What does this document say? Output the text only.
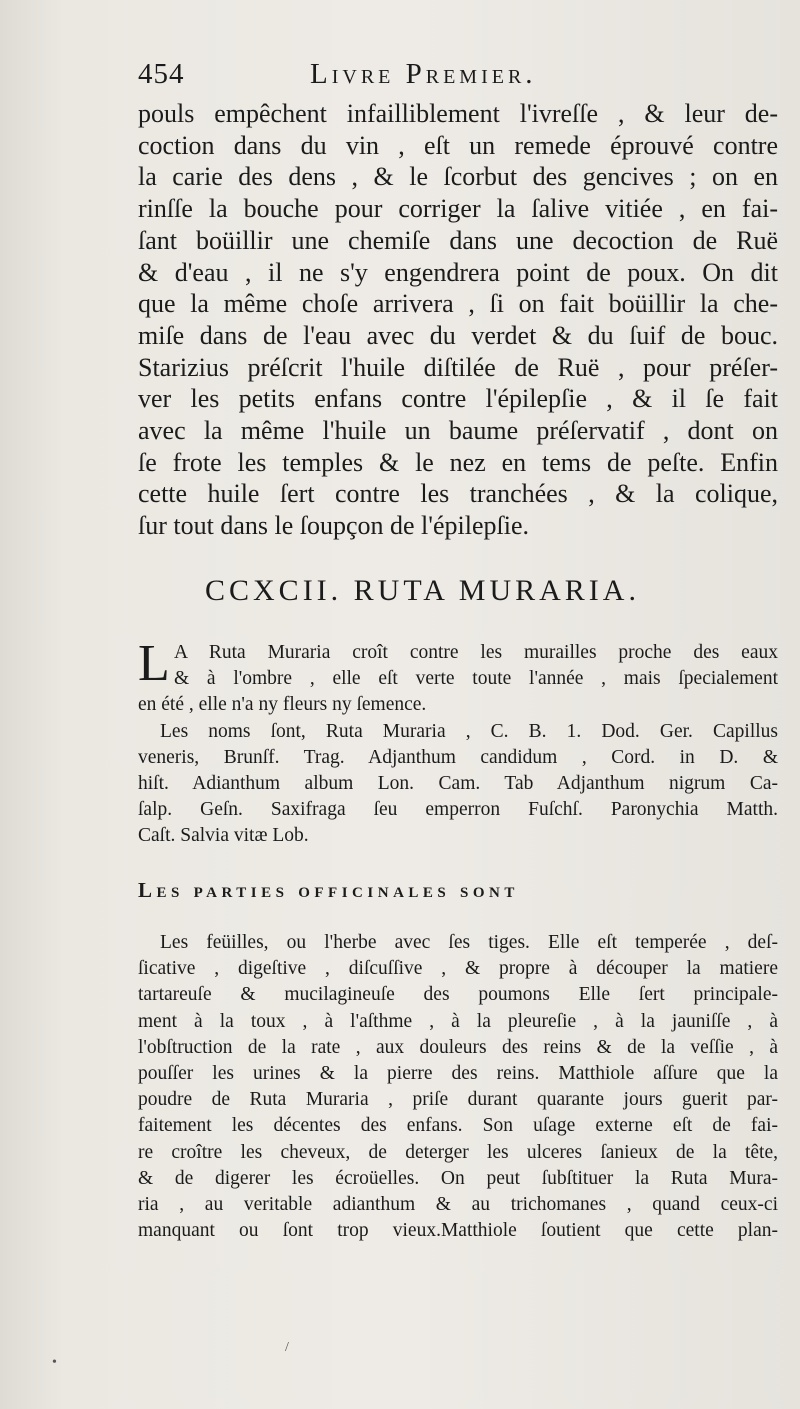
454	Livre Premier.
pouls empêchent infailliblement l'ivreſſe , & leur de-
coction dans du vin , eſt un remede éprouvé contre
la carie des dens , & le ſcorbut des gencives ; on en
rinſſe la bouche pour corriger la ſalive vitiée , en fai-
ſant boüillir une chemiſe dans une decoction de Ruë
& d'eau , il ne s'y engendrera point de poux. On dit
que la même choſe arrivera , ſi on fait boüillir la che-
miſe dans de l'eau avec du verdet & du ſuif de bouc.
Starizius préſcrit l'huile diſtilée de Ruë , pour préſer-
ver les petits enfans contre l'épilepſie , & il ſe fait
avec la même l'huile un baume préſervatif , dont on
ſe frote les temples & le nez en tems de peſte. Enfin
cette huile ſert contre les tranchées , & la colique,
ſur tout dans le ſoupçon de l'épilepſie.
CCXCII. RUTA MURARIA.
L A Ruta Muraria croît contre les murailles proche des eaux
& à l'ombre , elle eſt verte toute l'année , mais ſpecialement
en été , elle n'a ny fleurs ny ſemence.
Les noms ſont, Ruta Muraria , C. B. 1. Dod. Ger. Capillus
veneris, Brunſf. Trag. Adjanthum candidum , Cord. in D. &
hiſt. Adianthum album Lon. Cam. Tab Adjanthum nigrum Ca-
ſalp. Geſn. Saxifraga ſeu emperron Fuſchſ. Paronychia Matth.
Caſt. Salvia vitæ Lob.
Les parties officinales sont
Les feüilles, ou l'herbe avec ſes tiges. Elle eſt temperée , deſ-
ſicative , digeſtive , diſcuſſive , & propre à découper la matiere
tartareuſe & mucilagineuſe des poumons Elle ſert principale-
ment à la toux , à l'aſthme , à la pleureſie , à la jauniſſe , à
l'obſtruction de la rate , aux douleurs des reins & de la veſſie , à
pouſſer les urines & la pierre des reins. Matthiole aſſure que la
poudre de Ruta Muraria , priſe durant quarante jours guerit par-
faitement les décentes des enfans. Son uſage externe eſt de fai-
re croître les cheveux, de deterger les ulceres ſanieux de la tête,
& de digerer les écroüelles. On peut ſubſtituer la Ruta Mura-
ria , au veritable adianthum & au trichomanes , quand ceux-ci
manquant ou ſont trop vieux.Matthiole ſoutient que cette plan-
•
/
